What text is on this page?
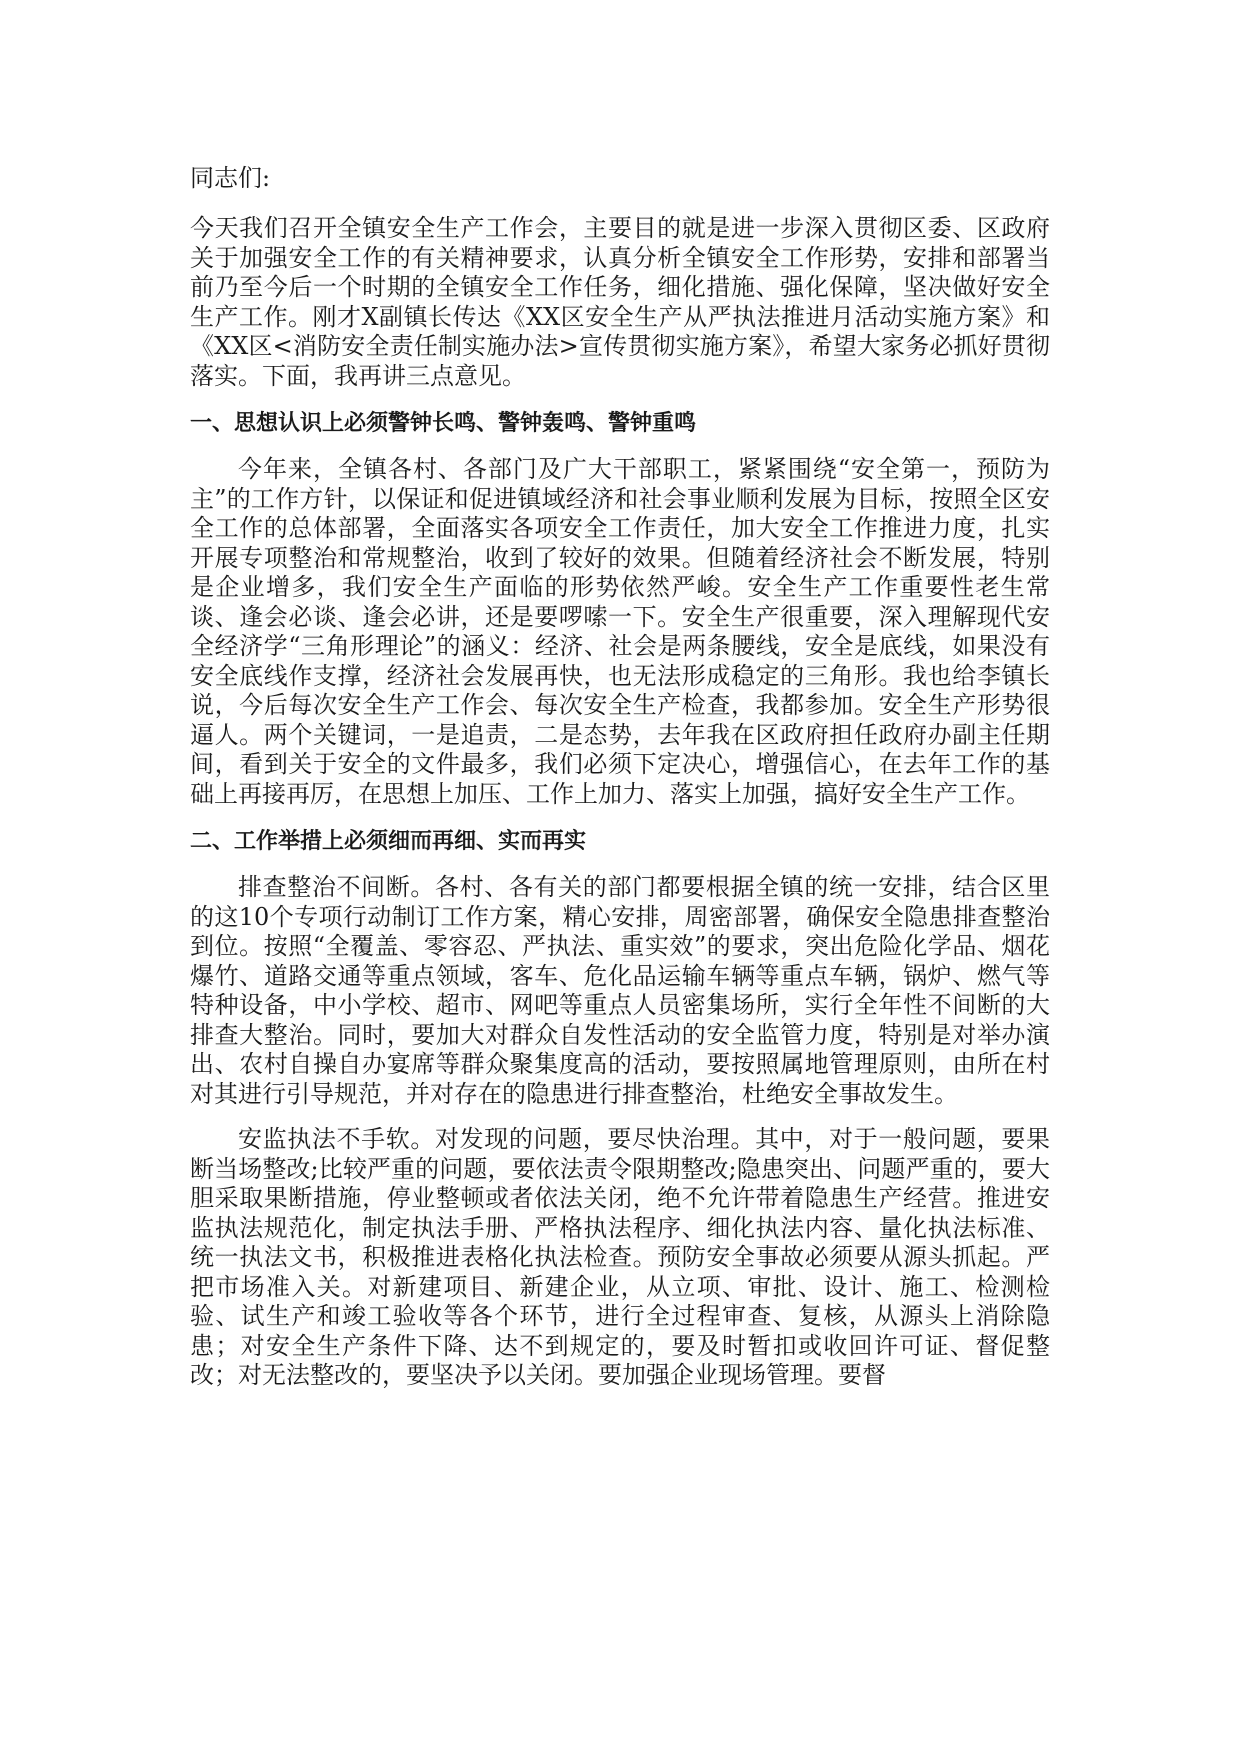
同志们:

今天我们召开全镇安全生产工作会，主要目的就是进一步深入贯彻区委、区政府关于加强安全工作的有关精神要求，认真分析全镇安全工作形势，安排和部署当前乃至今后一个时期的全镇安全工作任务，细化措施、强化保障，坚决做好安全生产工作。刚才X副镇长传达《XX区安全生产从严执法推进月活动实施方案》和《XX区<消防安全责任制实施办法>宣传贯彻实施方案》，希望大家务必抓好贯彻落实。下面，我再讲三点意见。

一、思想认识上必须警钟长鸣、警钟轰鸣、警钟重鸣

今年来，全镇各村、各部门及广大干部职工，紧紧围绕“安全第一，预防为主”的工作方针，以保证和促进镇域经济和社会事业顺利发展为目标，按照全区安全工作的总体部署，全面落实各项安全工作责任，加大安全工作推进力度，扎实开展专项整治和常规整治，收到了较好的效果。但随着经济社会不断发展，特别是企业增多，我们安全生产面临的形势依然严峻。安全生产工作重要性老生常谈、逢会必谈、逢会必讲，还是要啰嗦一下。安全生产很重要，深入理解现代安全经济学“三角形理论”的涵义：经济、社会是两条腰线，安全是底线，如果没有安全底线作支撑，经济社会发展再快，也无法形成稳定的三角形。我也给李镇长说，今后每次安全生产工作会、每次安全生产检查，我都参加。安全生产形势很逼人。两个关键词，一是追责，二是态势，去年我在区政府担任政府办副主任期间，看到关于安全的文件最多，我们必须下定决心，增强信心，在去年工作的基础上再接再厉，在思想上加压、工作上加力、落实上加强，搞好安全生产工作。

二、工作举措上必须细而再细、实而再实

排查整治不间断。各村、各有关的部门都要根据全镇的统一安排，结合区里的这10个专项行动制订工作方案，精心安排，周密部署，确保安全隐患排查整治到位。按照“全覆盖、零容忍、严执法、重实效”的要求，突出危险化学品、烟花爆竹、道路交通等重点领域，客车、危化品运输车辆等重点车辆，锅炉、燃气等特种设备，中小学校、超市、网吧等重点人员密集场所，实行全年性不间断的大排查大整治。同时，要加大对群众自发性活动的安全监管力度，特别是对举办演出、农村自操自办宴席等群众聚集度高的活动，要按照属地管理原则，由所在村对其进行引导规范，并对存在的隐患进行排查整治，杜绝安全事故发生。

安监执法不手软。对发现的问题，要尽快治理。其中，对于一般问题，要果断当场整改;比较严重的问题，要依法责令限期整改;隐患突出、问题严重的，要大胆采取果断措施，停业整顿或者依法关闭，绝不允许带着隐患生产经营。推进安监执法规范化，制定执法手册、严格执法程序、细化执法内容、量化执法标准、统一执法文书，积极推进表格化执法检查。预防安全事故必须要从源头抓起。严把市场准入关。对新建项目、新建企业，从立项、审批、设计、施工、检测检验、试生产和竣工验收等各个环节，进行全过程审查、复核，从源头上消除隐患；对安全生产条件下降、达不到规定的，要及时暂扣或收回许可证、督促整改；对无法整改的，要坚决予以关闭。要加强企业现场管理。要督
